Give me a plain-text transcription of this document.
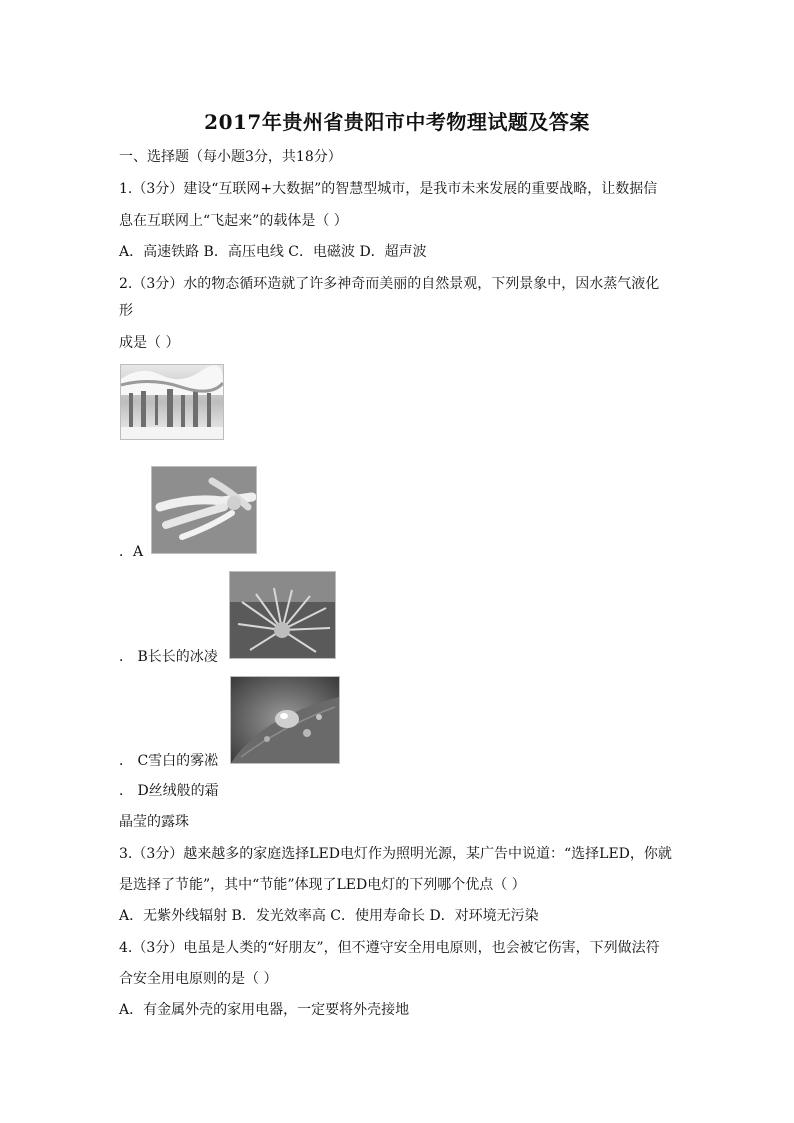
2017年贵州省贵阳市中考物理试题及答案
一、选择题（每小题3分，共18分）
1.（3分）建设“互联网+大数据”的智慧型城市，是我市未来发展的重要战略，让数据信
息在互联网上“飞起来”的载体是（ ）
A．高速铁路 B．高压电线 C．电磁波 D．超声波
2.（3分）水的物态循环造就了许多神奇而美丽的自然景观，下列景象中，因水蒸气液化
形
成是（ ）
．A
． B长长的冰凌
． C雪白的雾凇
． D丝绒般的霜
晶莹的露珠
3.（3分）越来越多的家庭选择LED电灯作为照明光源，某广告中说道：“选择LED，你就
是选择了节能”，其中“节能”体现了LED电灯的下列哪个优点（ ）
A．无紫外线辐射 B．发光效率高 C．使用寿命长 D．对环境无污染
4.（3分）电虽是人类的“好朋友”，但不遵守安全用电原则，也会被它伤害，下列做法符
合安全用电原则的是（ ）
A．有金属外壳的家用电器，一定要将外壳接地
